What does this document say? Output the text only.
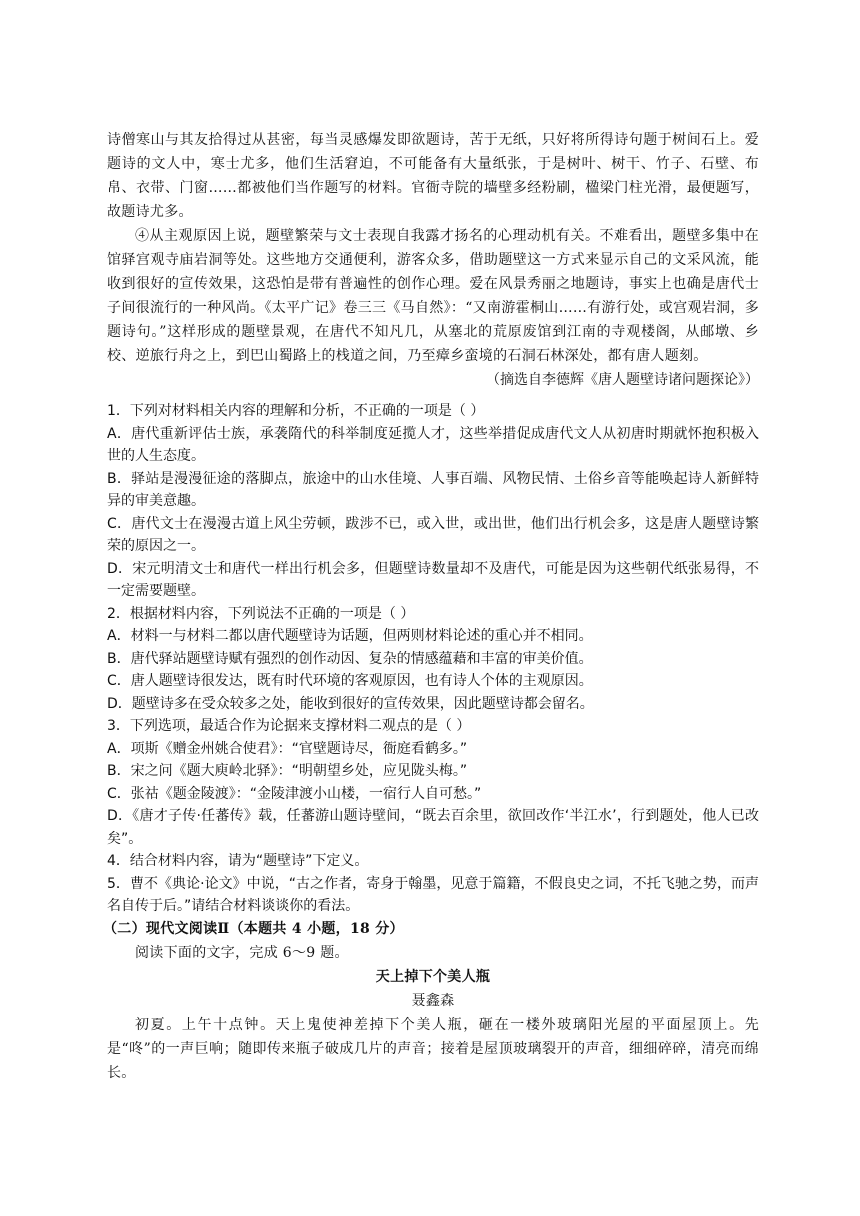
诗僧寒山与其友拾得过从甚密，每当灵感爆发即欲题诗，苦于无纸，只好将所得诗句题于树间石上。爱题诗的文人中，寒士尤多，他们生活窘迫，不可能备有大量纸张，于是树叶、树干、竹子、石壁、布帛、衣带、门窗……都被他们当作题写的材料。官衙寺院的墙壁多经粉刷，楹梁门柱光滑，最便题写，故题诗尤多。

④从主观原因上说，题壁繁荣与文士表现自我露才扬名的心理动机有关。不难看出，题壁多集中在馆驿宫观寺庙岩洞等处。这些地方交通便利，游客众多，借助题壁这一方式来显示自己的文采风流，能收到很好的宣传效果，这恐怕是带有普遍性的创作心理。爱在风景秀丽之地题诗，事实上也确是唐代士子间很流行的一种风尚。《太平广记》卷三三《马自然》：“又南游霍桐山……有游行处，或宫观岩洞，多题诗句。”这样形成的题壁景观，在唐代不知凡几，从塞北的荒原废馆到江南的寺观楼阁，从邮墩、乡校、逆旅行舟之上，到巴山蜀路上的栈道之间，乃至瘴乡蛮境的石洞石林深处，都有唐人题刻。

（摘选自李德辉《唐人题壁诗诸问题探论》）

1．下列对材料相关内容的理解和分析，不正确的一项是（ ）

A．唐代重新评估士族，承袭隋代的科举制度延揽人才，这些举措促成唐代文人从初唐时期就怀抱积极入世的人生态度。

B．驿站是漫漫征途的落脚点，旅途中的山水佳境、人事百端、风物民情、土俗乡音等能唤起诗人新鲜特异的审美意趣。

C．唐代文士在漫漫古道上风尘劳顿，跋涉不已，或入世，或出世，他们出行机会多，这是唐人题壁诗繁荣的原因之一。

D．宋元明清文士和唐代一样出行机会多，但题壁诗数量却不及唐代，可能是因为这些朝代纸张易得，不一定需要题壁。

2．根据材料内容，下列说法不正确的一项是（ ）

A．材料一与材料二都以唐代题壁诗为话题，但两则材料论述的重心并不相同。

B．唐代驿站题壁诗赋有强烈的创作动因、复杂的情感蕴藉和丰富的审美价值。

C．唐人题壁诗很发达，既有时代环境的客观原因，也有诗人个体的主观原因。

D．题壁诗多在受众较多之处，能收到很好的宣传效果，因此题壁诗都会留名。

3．下列选项，最适合作为论据来支撑材料二观点的是（ ）

A．项斯《赠金州姚合使君》：“官壁题诗尽，衙庭看鹤多。”

B．宋之问《题大庾岭北驿》：“明朝望乡处，应见陇头梅。”

C．张祜《题金陵渡》：“金陵津渡小山楼，一宿行人自可愁。”

D．《唐才子传·任蕃传》载，任蕃游山题诗壁间，“既去百余里，欲回改作‘半江水’，行到题处，他人已改矣”。

4．结合材料内容，请为“题壁诗”下定义。

5．曹不《典论·论文》中说，“古之作者，寄身于翰墨，见意于篇籍，不假良史之词，不托飞驰之势，而声名自传于后。”请结合材料谈谈你的看法。

（二）现代文阅读Ⅱ（本题共 4 小题，18 分）

阅读下面的文字，完成 6～9 题。

天上掉下个美人瓶

聂鑫森

初夏。上午十点钟。天上鬼使神差掉下个美人瓶，砸在一楼外玻璃阳光屋的平面屋顶上。先是“咚”的一声巨响；随即传来瓶子破成几片的声音；接着是屋顶玻璃裂开的声音，细细碎碎，清亮而绵长。
